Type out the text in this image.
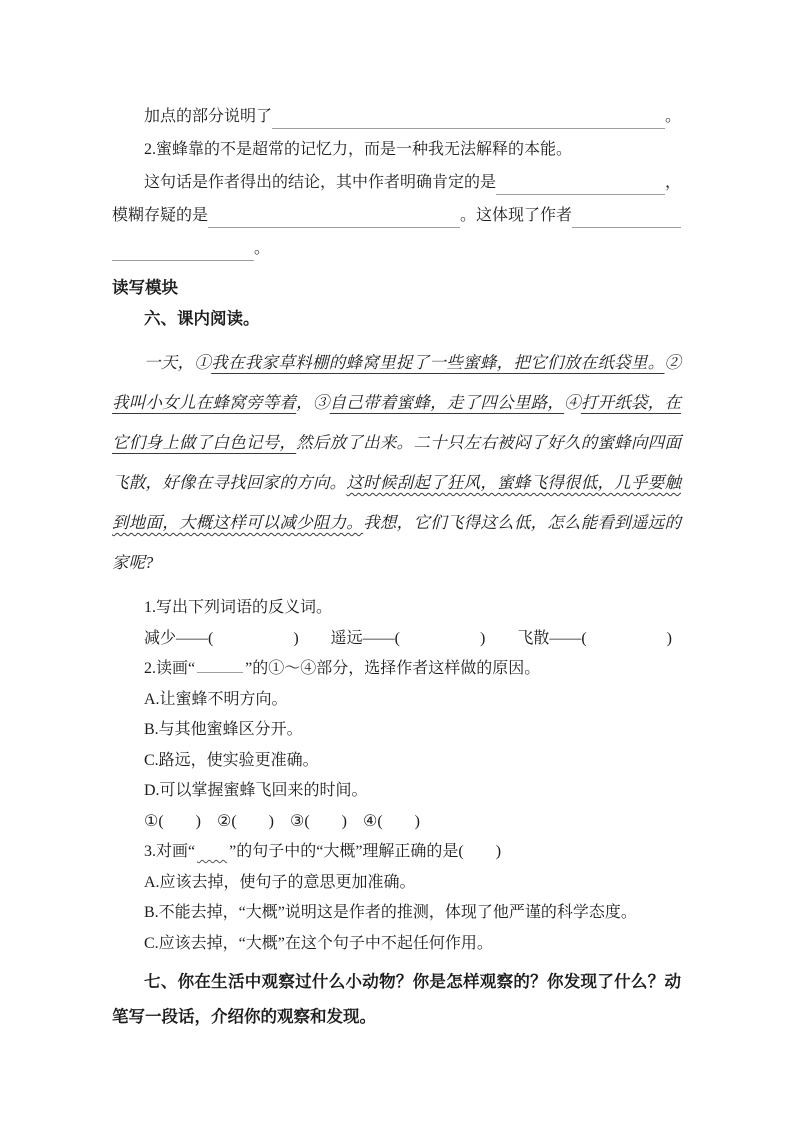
加点的部分说明了	。
2.蜜蜂靠的不是超常的记忆力，而是一种我无法解释的本能。
这句话是作者得出的结论，其中作者明确肯定的是	，
模糊存疑的是	。这体现了作者
。
读写模块
六、课内阅读。

一天，①我在我家草料棚的蜂窝里捉了一些蜜蜂，把它们放在纸袋里。②我叫小女儿在蜂窝旁等着，③自己带着蜜蜂，走了四公里路，④打开纸袋，在它们身上做了白色记号，然后放了出来。二十只左右被闷了好久的蜜蜂向四面飞散，好像在寻找回家的方向。这时候刮起了狂风，蜜蜂飞得很低，几乎要触到地面，大概这样可以减少阻力。我想，它们飞得这么低，怎么能看到遥远的家呢?

1.写出下列词语的反义词。
减少——(　　　　　)　　遥远——(　　　　　)　　飞散——(　　　　　)
2.读画“	”的①～④部分，选择作者这样做的原因。
A.让蜜蜂不明方向。
B.与其他蜜蜂区分开。
C.路远，使实验更准确。
D.可以掌握蜜蜂飞回来的时间。
①(　　)　②(　　)　③(　　)　④(　　)
3.对画“ ”的句子中的“大概”理解正确的是(　　)
A.应该去掉，使句子的意思更加准确。
B.不能去掉，“大概”说明这是作者的推测，体现了他严谨的科学态度。
C.应该去掉，“大概”在这个句子中不起任何作用。

七、你在生活中观察过什么小动物？你是怎样观察的？你发现了什么？动笔写一段话，介绍你的观察和发现。
